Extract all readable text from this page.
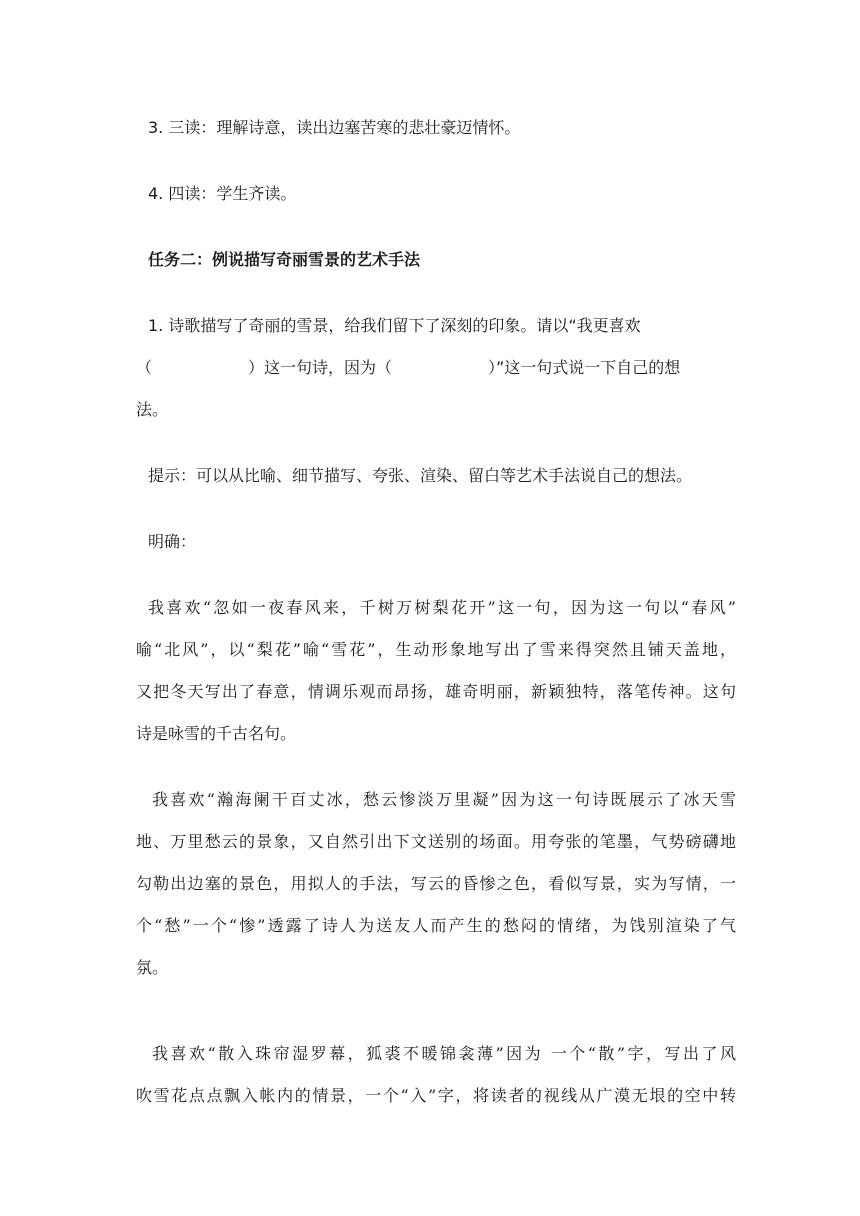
3. 三读：理解诗意，读出边塞苦寒的悲壮豪迈情怀。
4. 四读：学生齐读。
任务二：例说描写奇丽雪景的艺术手法
1. 诗歌描写了奇丽的雪景，给我们留下了深刻的印象。请以“我更喜欢
（　　　　　　）这一句诗，因为（　　　　　　）”这一句式说一下自己的想
法。
提示：可以从比喻、细节描写、夸张、渲染、留白等艺术手法说自己的想法。
明确：
我喜欢“忽如一夜春风来，千树万树梨花开”这一句，因为这一句以“春风”
喻“北风”，以“梨花”喻“雪花”，生动形象地写出了雪来得突然且铺天盖地，
又把冬天写出了春意，情调乐观而昂扬，雄奇明丽，新颖独特，落笔传神。这句
诗是咏雪的千古名句。
我喜欢“瀚海阑干百丈冰，愁云惨淡万里凝”因为这一句诗既展示了冰天雪
地、万里愁云的景象，又自然引出下文送别的场面。用夸张的笔墨，气势磅礴地
勾勒出边塞的景色，用拟人的手法，写云的昏惨之色，看似写景，实为写情，一
个“愁”一个“惨”透露了诗人为送友人而产生的愁闷的情绪，为饯别渲染了气
氛。
我喜欢“散入珠帘湿罗幕，狐裘不暖锦衾薄”因为 一个“散”字，写出了风
吹雪花点点飘入帐内的情景，一个“入”字，将读者的视线从广漠无垠的空中转
